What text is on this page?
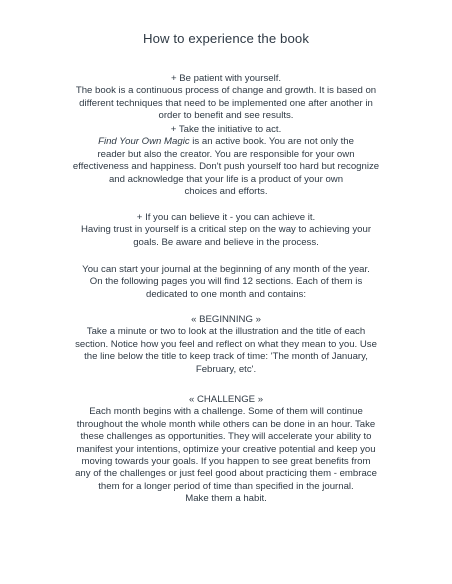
How to experience the book
+ Be patient with yourself.
The book is a continuous process of change and growth. It is based on
different techniques that need to be implemented one after another in
order to benefit and see results.
+ Take the initiative to act.
Find Your Own Magic is an active book. You are not only the
reader but also the creator. You are responsible for your own
effectiveness and happiness. Don't push yourself too hard but recognize
and acknowledge that your life is a product of your own
choices and efforts.
+ If you can believe it - you can achieve it.
Having trust in yourself is a critical step on the way to achieving your
goals. Be aware and believe in the process.
You can start your journal at the beginning of any month of the year.
On the following pages you will find 12 sections. Each of them is
dedicated to one month and contains:
« BEGINNING »
Take a minute or two to look at the illustration and the title of each
section. Notice how you feel and reflect on what they mean to you. Use
the line below the title to keep track of time: 'The month of January,
February, etc'.
« CHALLENGE »
Each month begins with a challenge. Some of them will continue
throughout the whole month while others can be done in an hour. Take
these challenges as opportunities. They will accelerate your ability to
manifest your intentions, optimize your creative potential and keep you
moving towards your goals. If you happen to see great benefits from
any of the challenges or just feel good about practicing them - embrace
them for a longer period of time than specified in the journal.
Make them a habit.
